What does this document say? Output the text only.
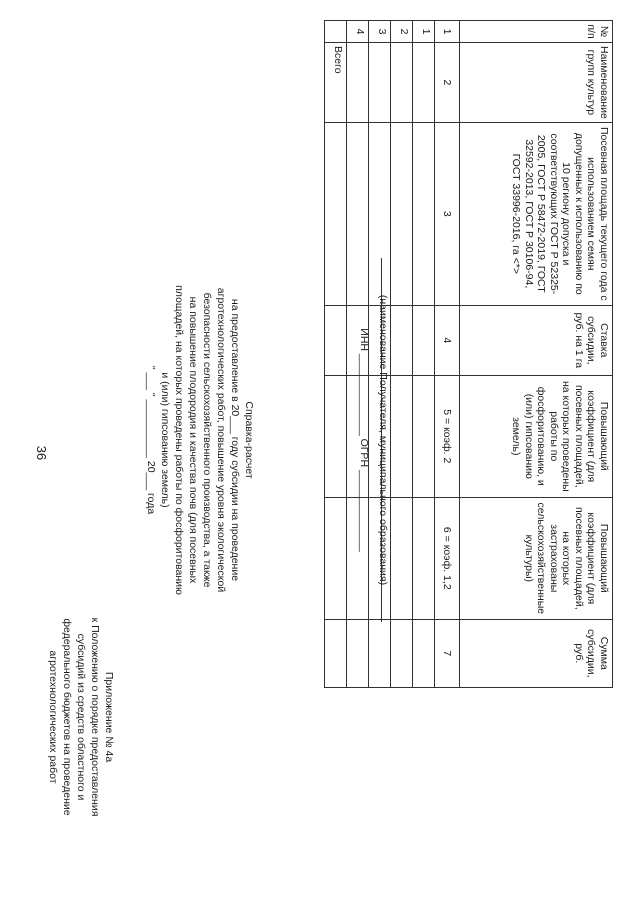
36
Приложение № 4а
к Положению о порядке предоставления
субсидий из средств областного и
федерального бюджетов на проведение
агротехнологических работ
Справка-расчет
на предоставление в 20___ году субсидии на проведение
агротехнологических работ, повышение уровня экологической
безопасности сельскохозяйственного производства, а также
на повышение плодородия и качества почв (для посевных
площадей, на которых проведены работы по фосфоритованию
и (или) гипсованию земель)
" ___ " __________ 20___ года	(наименование Получателя, муниципального образования)
ИНН ______________ ОГРН ______________
№ п/п	Наименование групп культур	Посевная площадь текущего года с использованием семян допущенных к использованию по 10 региону допуска и соответствующих ГОСТ Р 52325-2005, ГОСТ Р 58472-2019, ГОСТ 32592-2013, ГОСТ Р 30106-94, ГОСТ 33996-2016, га <*>	Ставка субсидии, руб. на 1 га	Повышающий коэффициент (для посевных площадей, на которых проведены работы по фосфоритованию, и (или) гипсованию земель)	Повышающий коэффициент (для посевных площадей, на которых застрахованы сельскохозяйственные культуры)	Сумма субсидии, руб.
1	2	3	4	5 = коэф. 2	6 = коэф. 1,2	7
1						
2						
3						
4						
	Всего					
